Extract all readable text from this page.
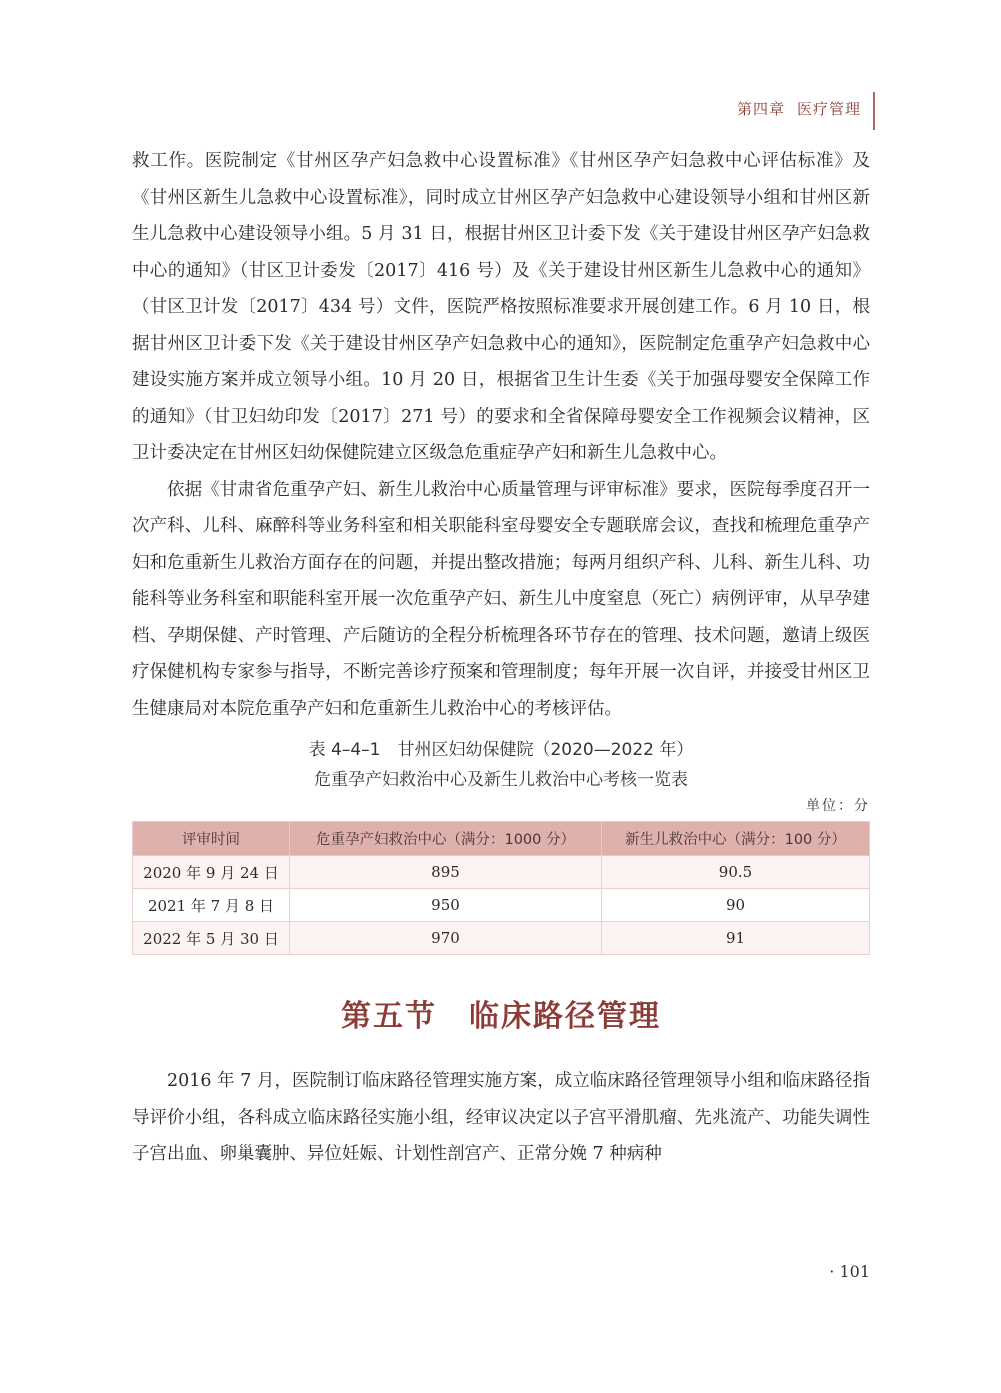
第四章 医疗管理

救工作。医院制定《甘州区孕产妇急救中心设置标准》《甘州区孕产妇急救中心评估标准》及《甘州区新生儿急救中心设置标准》，同时成立甘州区孕产妇急救中心建设领导小组和甘州区新生儿急救中心建设领导小组。5 月 31 日，根据甘州区卫计委下发《关于建设甘州区孕产妇急救中心的通知》（甘区卫计委发〔2017〕416 号）及《关于建设甘州区新生儿急救中心的通知》（甘区卫计发〔2017〕434 号）文件，医院严格按照标准要求开展创建工作。6 月 10 日，根据甘州区卫计委下发《关于建设甘州区孕产妇急救中心的通知》，医院制定危重孕产妇急救中心建设实施方案并成立领导小组。10 月 20 日，根据省卫生计生委《关于加强母婴安全保障工作的通知》（甘卫妇幼印发〔2017〕271 号）的要求和全省保障母婴安全工作视频会议精神，区卫计委决定在甘州区妇幼保健院建立区级急危重症孕产妇和新生儿急救中心。

依据《甘肃省危重孕产妇、新生儿救治中心质量管理与评审标准》要求，医院每季度召开一次产科、儿科、麻醉科等业务科室和相关职能科室母婴安全专题联席会议，查找和梳理危重孕产妇和危重新生儿救治方面存在的问题，并提出整改措施；每两月组织产科、儿科、新生儿科、功能科等业务科室和职能科室开展一次危重孕产妇、新生儿中度窒息（死亡）病例评审，从早孕建档、孕期保健、产时管理、产后随访的全程分析梳理各环节存在的管理、技术问题，邀请上级医疗保健机构专家参与指导，不断完善诊疗预案和管理制度；每年开展一次自评，并接受甘州区卫生健康局对本院危重孕产妇和危重新生儿救治中心的考核评估。

表 4–4–1　甘州区妇幼保健院（2020—2022 年）
危重孕产妇救治中心及新生儿救治中心考核一览表
单位：分
评审时间	危重孕产妇救治中心（满分：1000 分）	新生儿救治中心（满分：100 分）
2020 年 9 月 24 日	895	90.5
2021 年 7 月 8 日	950	90
2022 年 5 月 30 日	970	91
第五节　临床路径管理

2016 年 7 月，医院制订临床路径管理实施方案，成立临床路径管理领导小组和临床路径指导评价小组，各科成立临床路径实施小组，经审议决定以子宫平滑肌瘤、先兆流产、功能失调性子宫出血、卵巢囊肿、异位妊娠、计划性剖宫产、正常分娩 7 种病种

· 101
